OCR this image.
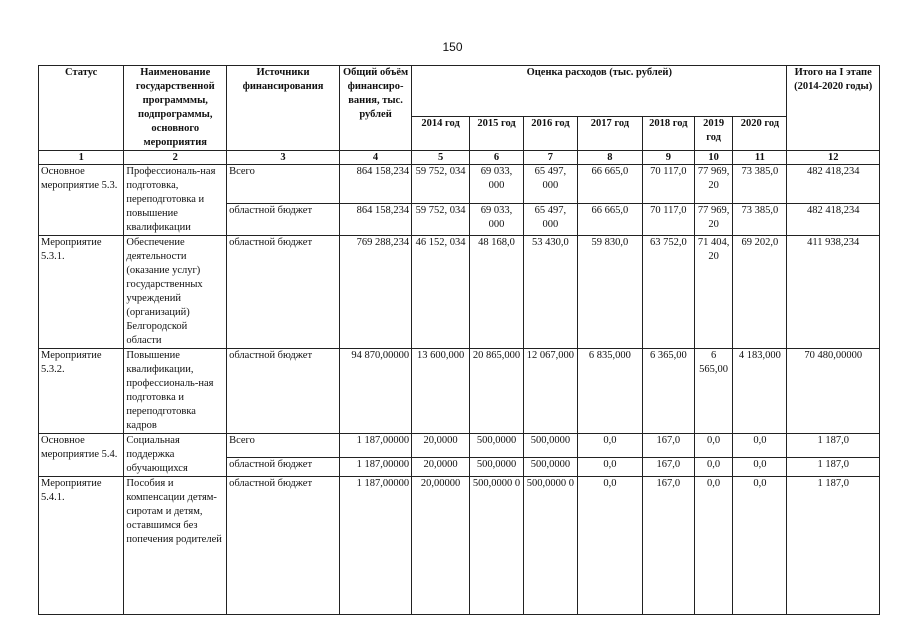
150
Статус	Наименование государственной программмы, подпрограммы, основного мероприятия	Источники финансирования	Общий объём финансиро-вания, тыс. рублей	Оценка расходов (тыс. рублей)							Итого на I этапе (2014-2020 годы)
				2014 год	2015 год	2016 год	2017 год	2018 год	2019 год	2020 год	
1	2	3	4	5	6	7	8	9	10	11	12
Основное мероприятие 5.3.	Профессиональ-ная подготовка, переподготовка и повышение квалификации	Всего	864 158,234	59 752, 034	69 033, 000	65 497, 000	66 665,0	70 117,0	77 969, 20	73 385,0	482 418,234
		областной бюджет	864 158,234	59 752, 034	69 033, 000	65 497, 000	66 665,0	70 117,0	77 969, 20	73 385,0	482 418,234
Мероприятие 5.3.1.	Обеспечение деятельности (оказание услуг) государственных учреждений (организаций) Белгородской области	областной бюджет	769 288,234	46 152, 034	48 168,0	53 430,0	59 830,0	63 752,0	71 404, 20	69 202,0	411 938,234
Мероприятие 5.3.2.	Повышение квалификации, профессиональ-ная подготовка и переподготовка кадров	областной бюджет	94 870,00000	13 600,000	20 865,000	12 067,000	6 835,000	6 365,00	6 565,00	4 183,000	70 480,00000
Основное мероприятие 5.4.	Социальная поддержка обучающихся	Всего	1 187,00000	20,0000	500,0000	500,0000	0,0	167,0	0,0	0,0	1 187,0
		областной бюджет	1 187,00000	20,0000	500,0000	500,0000	0,0	167,0	0,0	0,0	1 187,0
Мероприятие 5.4.1.	Пособия и компенсации детям-сиротам и детям, оставшимся без попечения родителей	областной бюджет	1 187,00000	20,00000	500,0000 0	500,0000 0	0,0	167,0	0,0	0,0	1 187,0
